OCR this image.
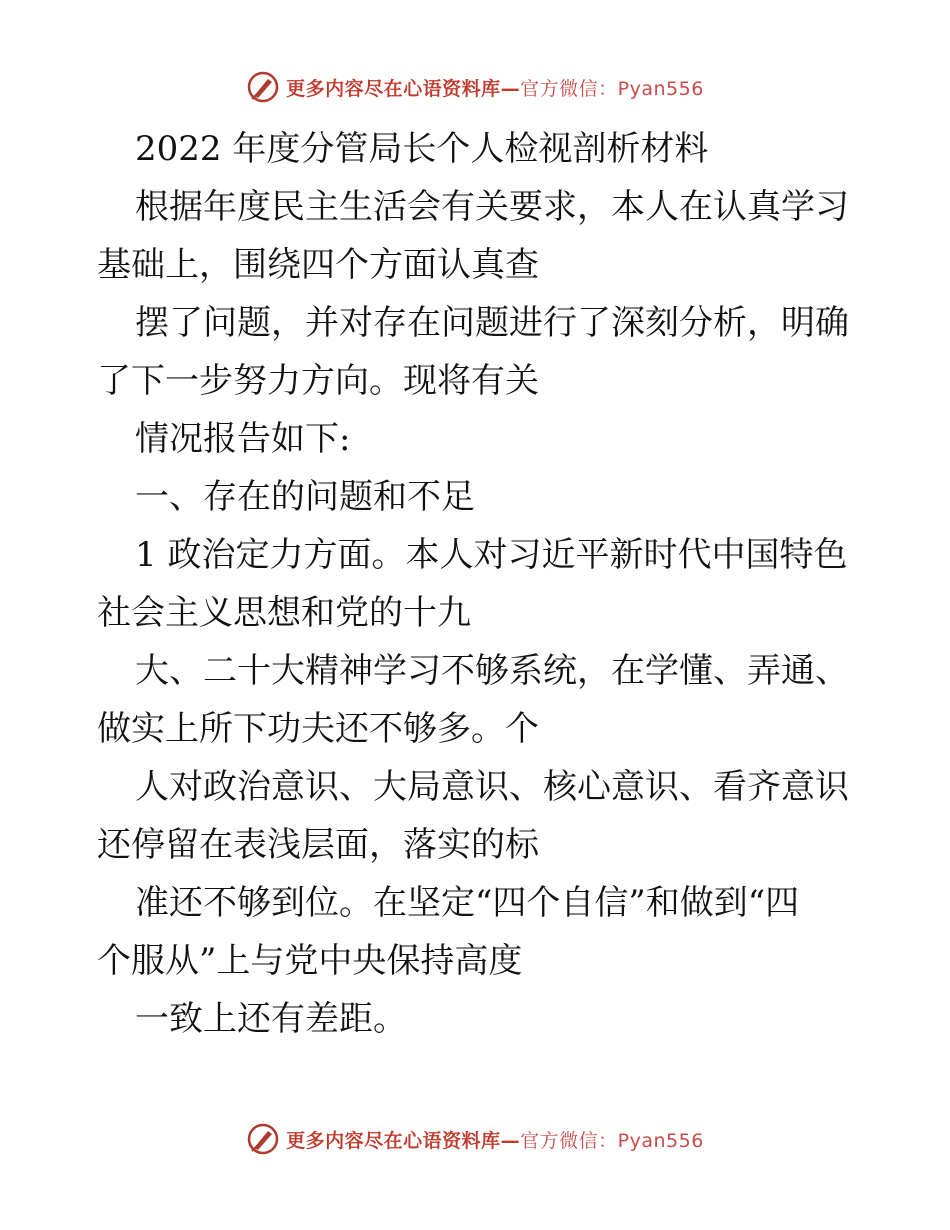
更多内容尽在心语资料库—官方微信：Pyan556
2022 年度分管局长个人检视剖析材料
根据年度民主生活会有关要求，本人在认真学习
基础上，围绕四个方面认真查
摆了问题，并对存在问题进行了深刻分析，明确
了下一步努力方向。现将有关
情况报告如下:
一、存在的问题和不足
1 政治定力方面。本人对习近平新时代中国特色
社会主义思想和党的十九
大、二十大精神学习不够系统，在学懂、弄通、
做实上所下功夫还不够多。个
人对政治意识、大局意识、核心意识、看齐意识
还停留在表浅层面，落实的标
准还不够到位。在坚定“四个自信”和做到“四
个服从”上与党中央保持高度
一致上还有差距。
更多内容尽在心语资料库—官方微信：Pyan556
